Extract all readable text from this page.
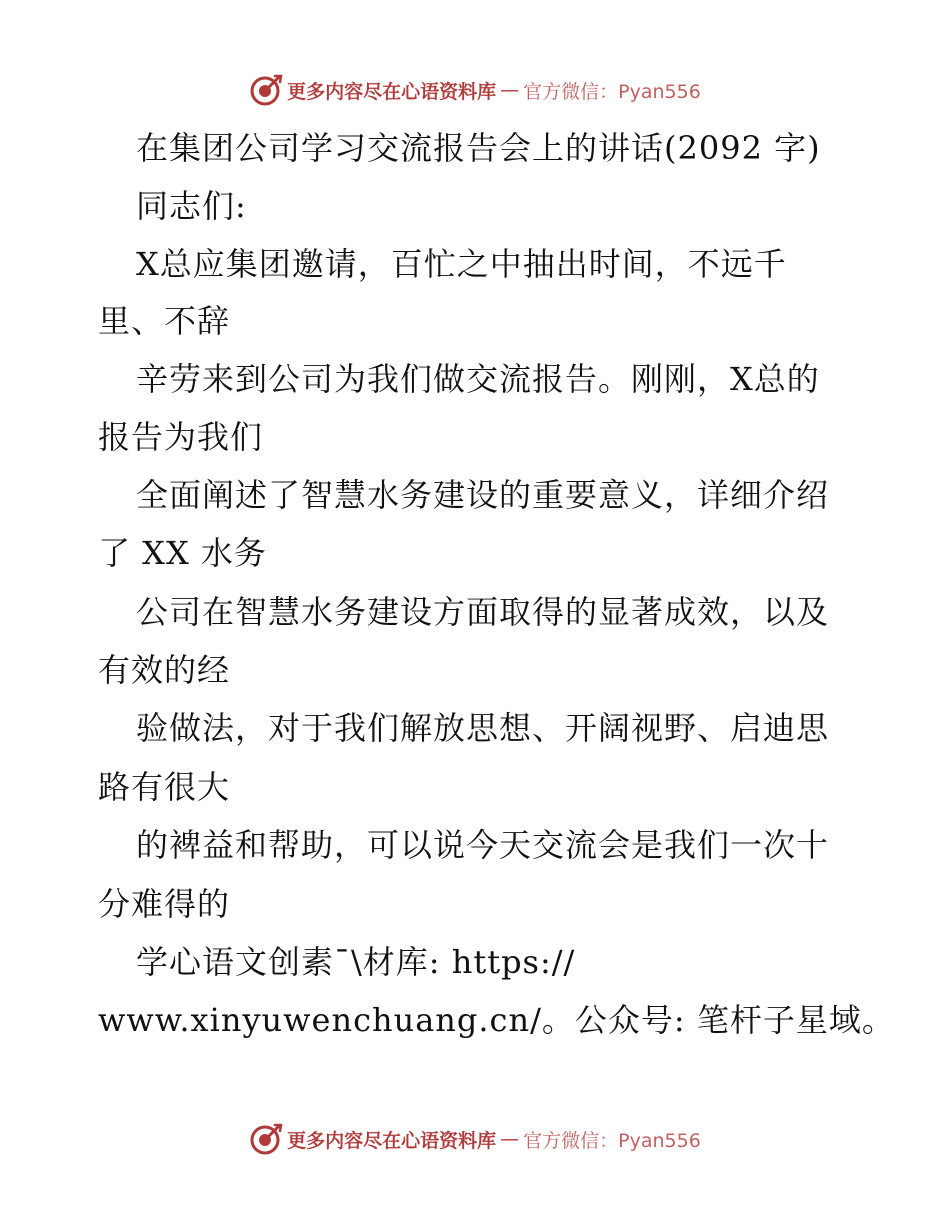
更多内容尽在心语资料库 — 官方微信：Pyan556
在集团公司学习交流报告会上的讲话(2092 字)
同志们:
X总应集团邀请，百忙之中抽出时间，不远千
里、不辞
辛劳来到公司为我们做交流报告。刚刚，X总的
报告为我们
全面阐述了智慧水务建设的重要意义，详细介绍
了 XX 水务
公司在智慧水务建设方面取得的显著成效，以及
有效的经
验做法，对于我们解放思想、开阔视野、启迪思
路有很大
的裨益和帮助，可以说今天交流会是我们一次十
分难得的
学心语文创素¯\材库: https://
www.xinyuwenchuang.cn/。公众号: 笔杆子星域。
更多内容尽在心语资料库 — 官方微信：Pyan556
